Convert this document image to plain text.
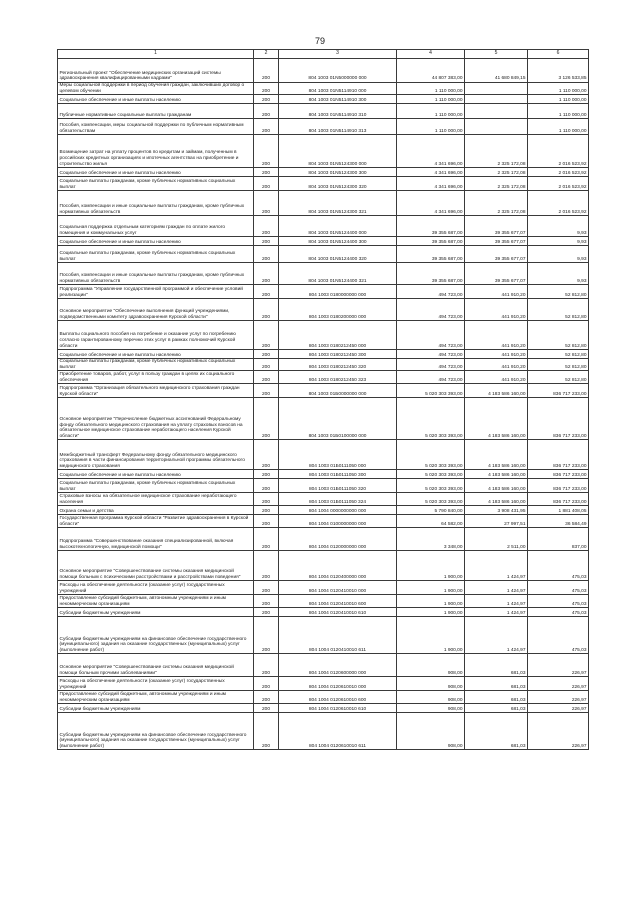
79
1	2	3	4	5	6
Региональный проект "Обеспечение медицинских организаций системы здравоохранения квалифицированными кадрами"	200	804 1003 01N5000000 000	44 807 383,00	41 680 849,15	3 126 533,85
Меры социальной поддержки в период обучения граждан, заключивших договор о целевом обучении	200	804 1003 01N5114910 000	1 110 000,00		1 110 000,00
Социальное обеспечение и иные выплаты населению	200	804 1003 01N5114910 300	1 110 000,00		1 110 000,00
Публичные нормативные социальные выплаты гражданам	200	804 1003 01N5114910 310	1 110 000,00		1 110 000,00
Пособия, компенсации, меры социальной поддержки по публичным нормативным обязательствам	200	804 1003 01N5114910 313	1 110 000,00		1 110 000,00
Возмещение затрат на уплату процентов по кредитам и займам, полученным в российских кредитных организациях и ипотечных агентствах на приобретение и строительство жилья	200	804 1003 01N5124300 000	4 341 696,00	2 325 172,08	2 016 523,92
Социальное обеспечение и иные выплаты населению	200	804 1003 01N5124300 300	4 341 696,00	2 325 172,08	2 016 523,92
Социальные выплаты гражданам, кроме публичных нормативных социальных выплат	200	804 1003 01N5124300 320	4 341 696,00	2 325 172,08	2 016 523,92
Пособия, компенсации и иные социальные выплаты гражданам, кроме публичных нормативных обязательств	200	804 1003 01N5124300 321	4 341 696,00	2 325 172,08	2 016 523,92
Социальная поддержка отдельным категориям граждан по оплате жилого помещения и коммунальных услуг	200	804 1003 01N5124400 000	39 355 687,00	39 355 677,07	9,93
Социальное обеспечение и иные выплаты населению	200	804 1003 01N5124400 300	39 355 687,00	39 355 677,07	9,93
Социальные выплаты гражданам, кроме публичных нормативных социальных выплат	200	804 1003 01N5124400 320	39 355 687,00	39 355 677,07	9,93
Пособия, компенсации и иные социальные выплаты гражданам, кроме публичных нормативных обязательств	200	804 1003 01N5124400 321	39 355 687,00	39 355 677,07	9,93
Подпрограмма "Управление государственной программой и обеспечение условий реализации"	200	804 1003 0180000000 000	494 723,00	441 910,20	52 812,80
Основное мероприятие "Обеспечение выполнения функций учреждениями, подведомственными комитету здравоохранения Курской области"	200	804 1003 0180200000 000	494 723,00	441 910,20	52 812,80
Выплаты социального пособия на погребение и оказание услуг по погребению согласно гарантированному перечню этих услуг в рамках полномочий Курской области	200	804 1003 0180212450 000	494 723,00	441 910,20	52 812,80
Социальное обеспечение и иные выплаты населению	200	804 1003 0180212450 300	494 723,00	441 910,20	52 812,80
Социальные выплаты гражданам, кроме публичных нормативных социальных выплат	200	804 1003 0180212450 320	494 723,00	441 910,20	52 812,80
Приобретение товаров, работ, услуг в пользу граждан в целях их социального обеспечения	200	804 1003 0180212450 323	494 723,00	441 910,20	52 812,80
Подпрограмма "Организация обязательного медицинского страхования граждан Курской области"	200	804 1003 01Б0000000 000	5 020 303 393,00	4 183 586 160,00	836 717 233,00
Основное мероприятие "Перечисление бюджетных ассигнований Федеральному фонду обязательного медицинского страхования на уплату страховых взносов на обязательное медицинское страхование неработающего населения Курской области"	200	804 1003 01Б0100000 000	5 020 303 393,00	4 183 586 160,00	836 717 233,00
Межбюджетный трансферт Федеральному фонду обязательного медицинского страхования в части финансирования территориальной программы обязательного медицинского страхования	200	804 1003 01Б0111050 000	5 020 303 393,00	4 183 586 160,00	836 717 233,00
Социальное обеспечение и иные выплаты населению	200	804 1003 01Б0111050 300	5 020 303 393,00	4 183 586 160,00	836 717 233,00
Социальные выплаты гражданам, кроме публичных нормативных социальных выплат	200	804 1003 01Б0111050 320	5 020 303 393,00	4 183 586 160,00	836 717 233,00
Страховые взносы на обязательное медицинское страхование неработающего населения	200	804 1003 01Б0111050 324	5 020 303 393,00	4 183 586 160,00	836 717 233,00
Охрана семьи и детства	200	804 1004 0000000000 000	5 790 840,00	3 908 431,95	1 881 408,05
Государственная программа Курской области "Развитие здравоохранения в Курской области"	200	804 1004 0100000000 000	64 582,00	27 997,51	36 584,49
Подпрограмма "Совершенствование оказания специализированной, включая высокотехнологичную, медицинской помощи"	200	804 1004 0120000000 000	3 348,00	2 511,00	837,00
Основное мероприятие "Совершенствование системы оказания медицинской помощи больным с психическими расстройствами и расстройствами поведения"	200	804 1004 0120400000 000	1 900,00	1 424,97	475,03
Расходы на обеспечение деятельности (оказание услуг) государственных учреждений	200	804 1004 0120410010 000	1 900,00	1 424,97	475,03
Предоставление субсидий бюджетным, автономным учреждениям и иным некоммерческим организациям	200	804 1004 0120410010 600	1 900,00	1 424,97	475,03
Субсидии бюджетным учреждениям	200	804 1004 0120410010 610	1 900,00	1 424,97	475,03
Субсидии бюджетным учреждениям на финансовое обеспечение государственного (муниципального) задания на оказание государственных (муниципальных) услуг (выполнение работ)	200	804 1004 0120410010 611	1 900,00	1 424,97	475,03
Основное мероприятие "Совершенствование системы оказания медицинской помощи больным прочими заболеваниями"	200	804 1004 0120600000 000	908,00	681,03	226,97
Расходы на обеспечение деятельности (оказание услуг) государственных учреждений	200	804 1004 0120610010 000	908,00	681,03	226,97
Предоставление субсидий бюджетным, автономным учреждениям и иным некоммерческим организациям	200	804 1004 0120610010 600	908,00	681,03	226,97
Субсидии бюджетным учреждениям	200	804 1004 0120610010 610	908,00	681,03	226,97
Субсидии бюджетным учреждениям на финансовое обеспечение государственного (муниципального) задания на оказание государственных (муниципальных) услуг (выполнение работ)	200	804 1004 0120610010 611	908,00	681,03	226,97
